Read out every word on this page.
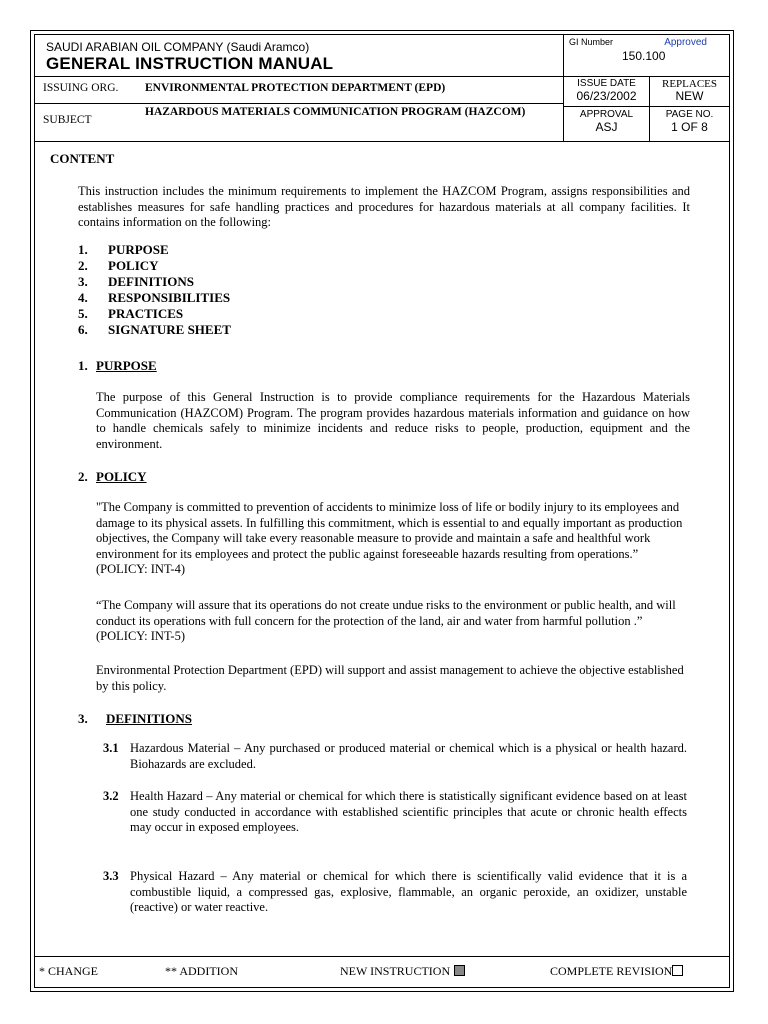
SAUDI ARABIAN OIL COMPANY (Saudi Aramco)
GENERAL INSTRUCTION MANUAL
ISSUING ORG. ENVIRONMENTAL PROTECTION DEPARTMENT (EPD)
SUBJECT
HAZARDOUS MATERIALS COMMUNICATION PROGRAM (HAZCOM)
GI Number	Approved
150.100
ISSUE DATE
06/23/2002
REPLACES
NEW
APPROVAL
ASJ
PAGE NO.
1 OF 8
CONTENT
This instruction includes the minimum requirements to implement the HAZCOM Program, assigns responsibilities and establishes measures for safe handling practices and procedures for hazardous materials at all company facilities. It contains information on the following:
1.	PURPOSE
2.	POLICY
3.	DEFINITIONS
4.	RESPONSIBILITIES
5.	PRACTICES
6.	SIGNATURE SHEET
1. PURPOSE
The purpose of this General Instruction is to provide compliance requirements for the Hazardous Materials Communication (HAZCOM) Program. The program provides hazardous materials information and guidance on how to handle chemicals safely to minimize incidents and reduce risks to people, production, equipment and the environment.
2. POLICY
"The Company is committed to prevention of accidents to minimize loss of life or bodily injury to its employees and damage to its physical assets. In fulfilling this commitment, which is essential to and equally important as production objectives, the Company will take every reasonable measure to provide and maintain a safe and healthful work environment for its employees and protect the public against foreseeable hazards resulting from operations.” (POLICY: INT-4)
“The Company will assure that its operations do not create undue risks to the environment or public health, and will conduct its operations with full concern for the protection of the land, air and water from harmful pollution .” (POLICY: INT-5)
Environmental Protection Department (EPD) will support and assist management to achieve the objective established by this policy.
3. DEFINITIONS
3.1 Hazardous Material – Any purchased or produced material or chemical which is a physical or health hazard. Biohazards are excluded.
3.2 Health Hazard – Any material or chemical for which there is statistically significant evidence based on at least one study conducted in accordance with established scientific principles that acute or chronic health effects may occur in exposed employees.
3.3 Physical Hazard – Any material or chemical for which there is scientifically valid evidence that it is a combustible liquid, a compressed gas, explosive, flammable, an organic peroxide, an oxidizer, unstable (reactive) or water reactive.
* CHANGE	** ADDITION	NEW INSTRUCTION	COMPLETE REVISION
